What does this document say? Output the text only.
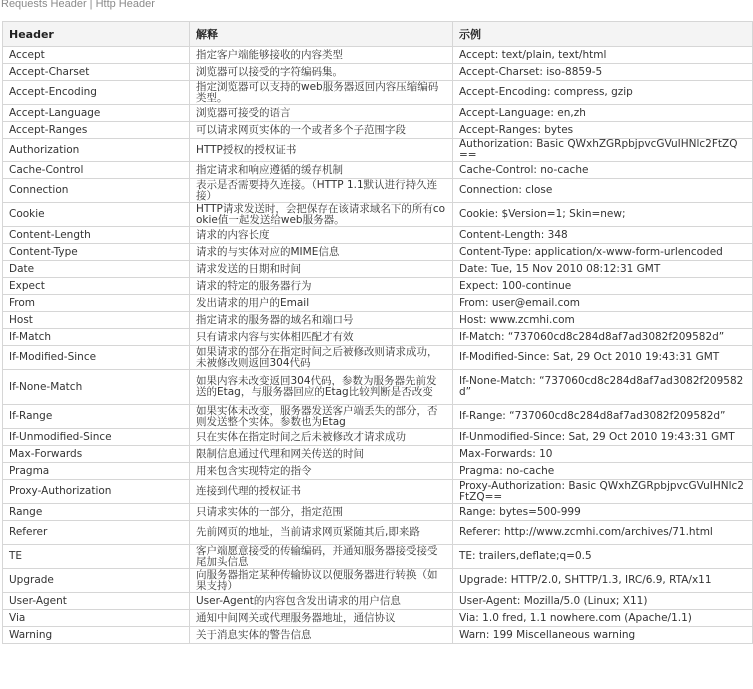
Requests Header | Http Header
Header	解释	示例
Accept	指定客户端能够接收的内容类型	Accept: text/plain, text/html
Accept-Charset	浏览器可以接受的字符编码集。	Accept-Charset: iso-8859-5
Accept-Encoding	指定浏览器可以支持的web服务器返回内容压缩编码类型。	Accept-Encoding: compress, gzip
Accept-Language	浏览器可接受的语言	Accept-Language: en,zh
Accept-Ranges	可以请求网页实体的一个或者多个子范围字段	Accept-Ranges: bytes
Authorization	HTTP授权的授权证书	Authorization: Basic QWxhZGRpbjpvcGVuIHNlc2FtZQ==
Cache-Control	指定请求和响应遵循的缓存机制	Cache-Control: no-cache
Connection	表示是否需要持久连接。（HTTP 1.1默认进行持久连接）	Connection: close
Cookie	HTTP请求发送时，会把保存在该请求域名下的所有cookie值一起发送给web服务器。	Cookie: $Version=1; Skin=new;
Content-Length	请求的内容长度	Content-Length: 348
Content-Type	请求的与实体对应的MIME信息	Content-Type: application/x-www-form-urlencoded
Date	请求发送的日期和时间	Date: Tue, 15 Nov 2010 08:12:31 GMT
Expect	请求的特定的服务器行为	Expect: 100-continue
From	发出请求的用户的Email	From: user@email.com
Host	指定请求的服务器的域名和端口号	Host: www.zcmhi.com
If-Match	只有请求内容与实体相匹配才有效	If-Match: “737060cd8c284d8af7ad3082f209582d”
If-Modified-Since	如果请求的部分在指定时间之后被修改则请求成功，未被修改则返回304代码	If-Modified-Since: Sat, 29 Oct 2010 19:43:31 GMT
If-None-Match	如果内容未改变返回304代码，参数为服务器先前发送的Etag，与服务器回应的Etag比较判断是否改变	If-None-Match: “737060cd8c284d8af7ad3082f209582d”
If-Range	如果实体未改变，服务器发送客户端丢失的部分，否则发送整个实体。参数也为Etag	If-Range: “737060cd8c284d8af7ad3082f209582d”
If-Unmodified-Since	只在实体在指定时间之后未被修改才请求成功	If-Unmodified-Since: Sat, 29 Oct 2010 19:43:31 GMT
Max-Forwards	限制信息通过代理和网关传送的时间	Max-Forwards: 10
Pragma	用来包含实现特定的指令	Pragma: no-cache
Proxy-Authorization	连接到代理的授权证书	Proxy-Authorization: Basic QWxhZGRpbjpvcGVuIHNlc2FtZQ==
Range	只请求实体的一部分，指定范围	Range: bytes=500-999
Referer	先前网页的地址，当前请求网页紧随其后,即来路	Referer: http://www.zcmhi.com/archives/71.html
TE	客户端愿意接受的传输编码，并通知服务器接受接受尾加头信息	TE: trailers,deflate;q=0.5
Upgrade	向服务器指定某种传输协议以便服务器进行转换（如果支持）	Upgrade: HTTP/2.0, SHTTP/1.3, IRC/6.9, RTA/x11
User-Agent	User-Agent的内容包含发出请求的用户信息	User-Agent: Mozilla/5.0 (Linux; X11)
Via	通知中间网关或代理服务器地址，通信协议	Via: 1.0 fred, 1.1 nowhere.com (Apache/1.1)
Warning	关于消息实体的警告信息	Warn: 199 Miscellaneous warning
